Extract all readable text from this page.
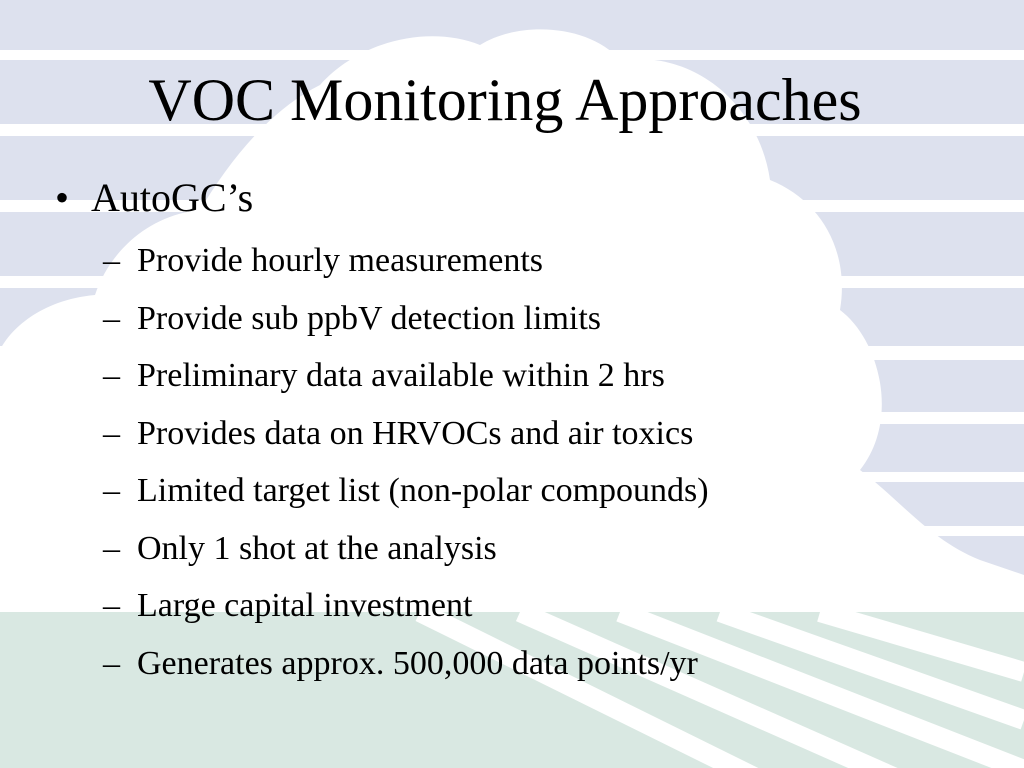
VOC Monitoring Approaches
• AutoGC’s
– Provide hourly measurements
– Provide sub ppbV detection limits
– Preliminary data available within 2 hrs
– Provides data on HRVOCs and air toxics
– Limited target list (non-polar compounds)
– Only 1 shot at the analysis
– Large capital investment
– Generates approx. 500,000 data points/yr
